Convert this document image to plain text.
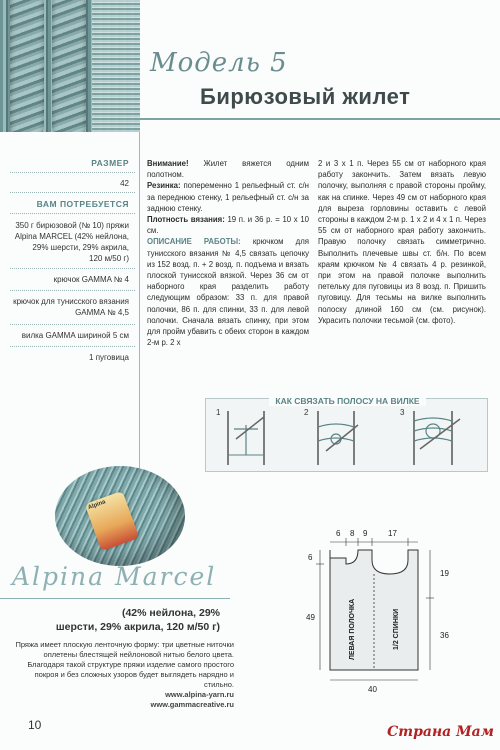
Модель 5
Бирюзовый жилет
РАЗМЕР
42
ВАМ ПОТРЕБУЕТСЯ
350 г бирюзовой (№ 10) пряжи
Alpina MARCEL (42% нейлона,
29% шерсти, 29% акрила,
120 м/50 г)
крючок GAMMA № 4
крючок для тунисского вязания
GAMMA № 4,5
вилка GAMMA шириной 5 см
1 пуговица
Внимание! Жилет вяжется одним полотном.
Резинка: попеременно 1 рельефный ст. с/н за переднюю стенку, 1 рельефный ст. с/н за заднюю стенку.
Плотность вязания: 19 п. и 36 р. = 10 х 10 см.
ОПИСАНИЕ РАБОТЫ: крючком для тунисского вязания № 4,5 связать цепочку из 152 возд. п. + 2 возд. п. подъема и вязать плоской тунисской вязкой. Через 36 см от наборного края разделить работу следующим образом: 33 п. для правой полочки, 86 п. для спинки, 33 п. для левой полочки. Сначала вязать спинку, при этом для пройм убавить с обеих сторон в каждом 2-м р. 2 х
2 и 3 х 1 п. Через 55 см от наборного края работу закончить. Затем вязать левую полочку, выполняя с правой стороны пройму, как на спинке. Через 49 см от наборного края для выреза горловины оставить с левой стороны в каждом 2-м р. 1 х 2 и 4 х 1 п. Через 55 см от наборного края работу закончить. Правую полочку связать симметрично. Выполнить плечевые швы ст. б/н. По всем краям крючком № 4 связать 4 р. резинкой, при этом на правой полочке выполнить петельку для пуговицы из 8 возд. п. Пришить пуговицу. Для тесьмы на вилке выполнить полоску длиной 160 см (см. рисунок). Украсить полочки тесьмой (см. фото).
1	2	3
КАК СВЯЗАТЬ ПОЛОСУ НА ВИЛКЕ
6 8 9	17
6
49
19
36
40
ЛЕВАЯ ПОЛОЧКА	1/2 СПИНКИ
Alpina
Alpina Marcel
(42% нейлона, 29%
шерсти, 29% акрила, 120 м/50 г)
Пряжа имеет плоскую ленточную форму: три цветные ниточки оплетены блестящей нейлоновой нитью белого цвета. Благодаря такой структуре пряжи изделие самого простого покроя и без сложных узоров будет выглядеть нарядно и стильно.
www.alpina-yarn.ru
www.gammacreative.ru
10	Страна Мам
